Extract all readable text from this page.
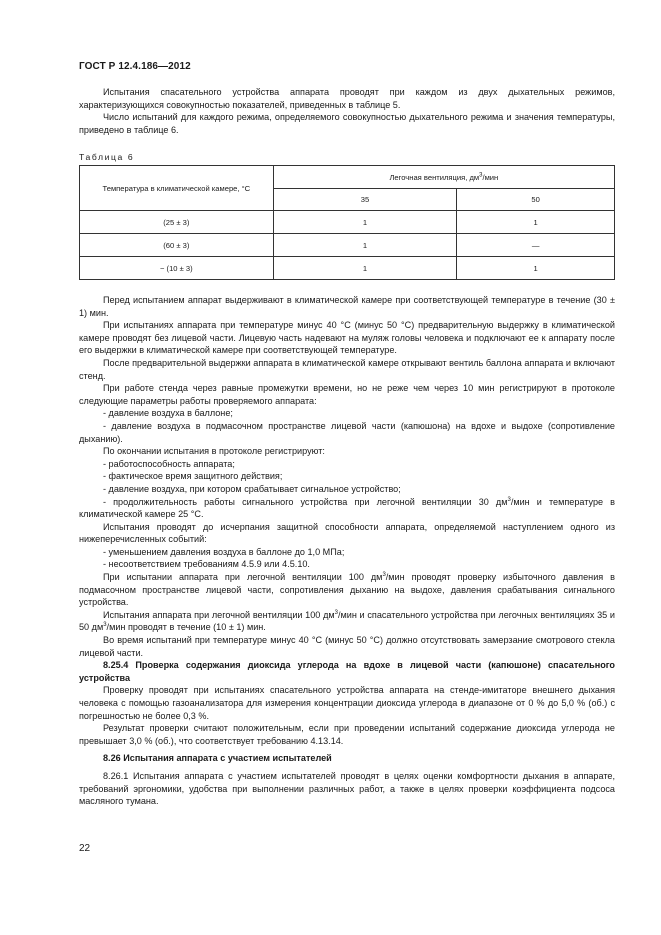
ГОСТ Р 12.4.186—2012

Испытания спасательного устройства аппарата проводят при каждом из двух дыхательных режимов, характеризующихся совокупностью показателей, приведенных в таблице 5.

Число испытаний для каждого режима, определяемого совокупностью дыхательного режима и значения температуры, приведено в таблице 6.

Таблица 6
Температура в климатической камере, °С	Легочная вентиляция, $дм^3$/мин	
	35	50
(25 ± 3)	1	1
(60 ± 3)	1	—
− (10 ± 3)	1	1

Перед испытанием аппарат выдерживают в климатической камере при соответствующей температуре в течение (30 ± 1) мин.

При испытаниях аппарата при температуре минус 40 °С (минус 50 °С) предварительную выдержку в климатической камере проводят без лицевой части. Лицевую часть надевают на муляж головы человека и подключают ее к аппарату после его выдержки в климатической камере при соответствующей температуре.

После предварительной выдержки аппарата в климатической камере открывают вентиль баллона аппарата и включают стенд.

При работе стенда через равные промежутки времени, но не реже чем через 10 мин регистрируют в протоколе следующие параметры работы проверяемого аппарата:

- давление воздуха в баллоне;

- давление воздуха в подмасочном пространстве лицевой части (капюшона) на вдохе и выдохе (сопротивление дыханию).

По окончании испытания в протоколе регистрируют:

- работоспособность аппарата;

- фактическое время защитного действия;

- давление воздуха, при котором срабатывает сигнальное устройство;

- продолжительность работы сигнального устройства при легочной вентиляции 30 $дм^3$/мин и температуре в климатической камере 25 °С.

Испытания проводят до исчерпания защитной способности аппарата, определяемой наступлением одного из нижеперечисленных событий:

- уменьшением давления воздуха в баллоне до 1,0 МПа;

- несоответствием требованиям 4.5.9 или 4.5.10.

При испытании аппарата при легочной вентиляции 100 $дм^3$/мин проводят проверку избыточного давления в подмасочном пространстве лицевой части, сопротивления дыханию на выдохе, давления срабатывания сигнального устройства.

Испытания аппарата при легочной вентиляции 100 $дм^3$/мин и спасательного устройства при легочных вентиляциях 35 и 50 $дм^3$/мин проводят в течение (10 ± 1) мин.

Во время испытаний при температуре минус 40 °С (минус 50 °С) должно отсутствовать замерзание смотрового стекла лицевой части.

8.25.4 Проверка содержания диоксида углерода на вдохе в лицевой части (капюшоне) спасательного устройства

Проверку проводят при испытаниях спасательного устройства аппарата на стенде-имитаторе внешнего дыхания человека с помощью газоанализатора для измерения концентрации диоксида углерода в диапазоне от 0 % до 5,0 % (об.) с погрешностью не более 0,3 %.

Результат проверки считают положительным, если при проведении испытаний содержание диоксида углерода не превышает 3,0 % (об.), что соответствует требованию 4.13.14.

8.26 Испытания аппарата с участием испытателей

8.26.1 Испытания аппарата с участием испытателей проводят в целях оценки комфортности дыхания в аппарате, требований эргономики, удобства при выполнении различных работ, а также в целях проверки коэффициента подсоса масляного тумана.

22
